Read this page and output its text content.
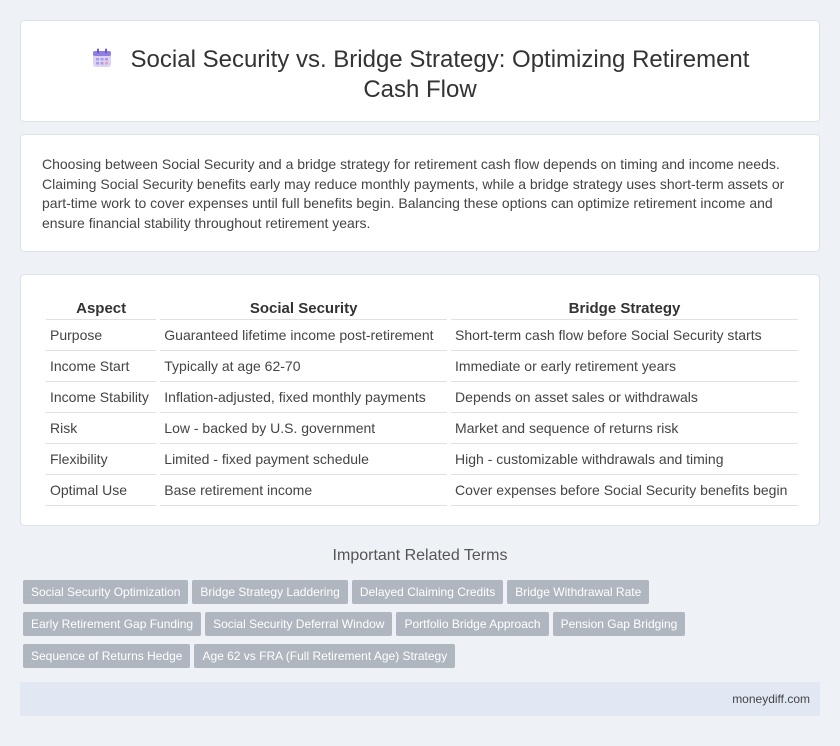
Social Security vs. Bridge Strategy: Optimizing Retirement Cash Flow

Choosing between Social Security and a bridge strategy for retirement cash flow depends on timing and income needs. Claiming Social Security benefits early may reduce monthly payments, while a bridge strategy uses short-term assets or part-time work to cover expenses until full benefits begin. Balancing these options can optimize retirement income and ensure financial stability throughout retirement years.

Aspect	Social Security	Bridge Strategy
Purpose	Guaranteed lifetime income post-retirement	Short-term cash flow before Social Security starts
Income Start	Typically at age 62-70	Immediate or early retirement years
Income Stability	Inflation-adjusted, fixed monthly payments	Depends on asset sales or withdrawals
Risk	Low - backed by U.S. government	Market and sequence of returns risk
Flexibility	Limited - fixed payment schedule	High - customizable withdrawals and timing
Optimal Use	Base retirement income	Cover expenses before Social Security benefits begin
Important Related Terms
Social Security Optimization Bridge Strategy Laddering Delayed Claiming Credits Bridge Withdrawal Rate
Early Retirement Gap Funding Social Security Deferral Window Portfolio Bridge Approach Pension Gap Bridging
Sequence of Returns Hedge Age 62 vs FRA (Full Retirement Age) Strategy
moneydiff.com
